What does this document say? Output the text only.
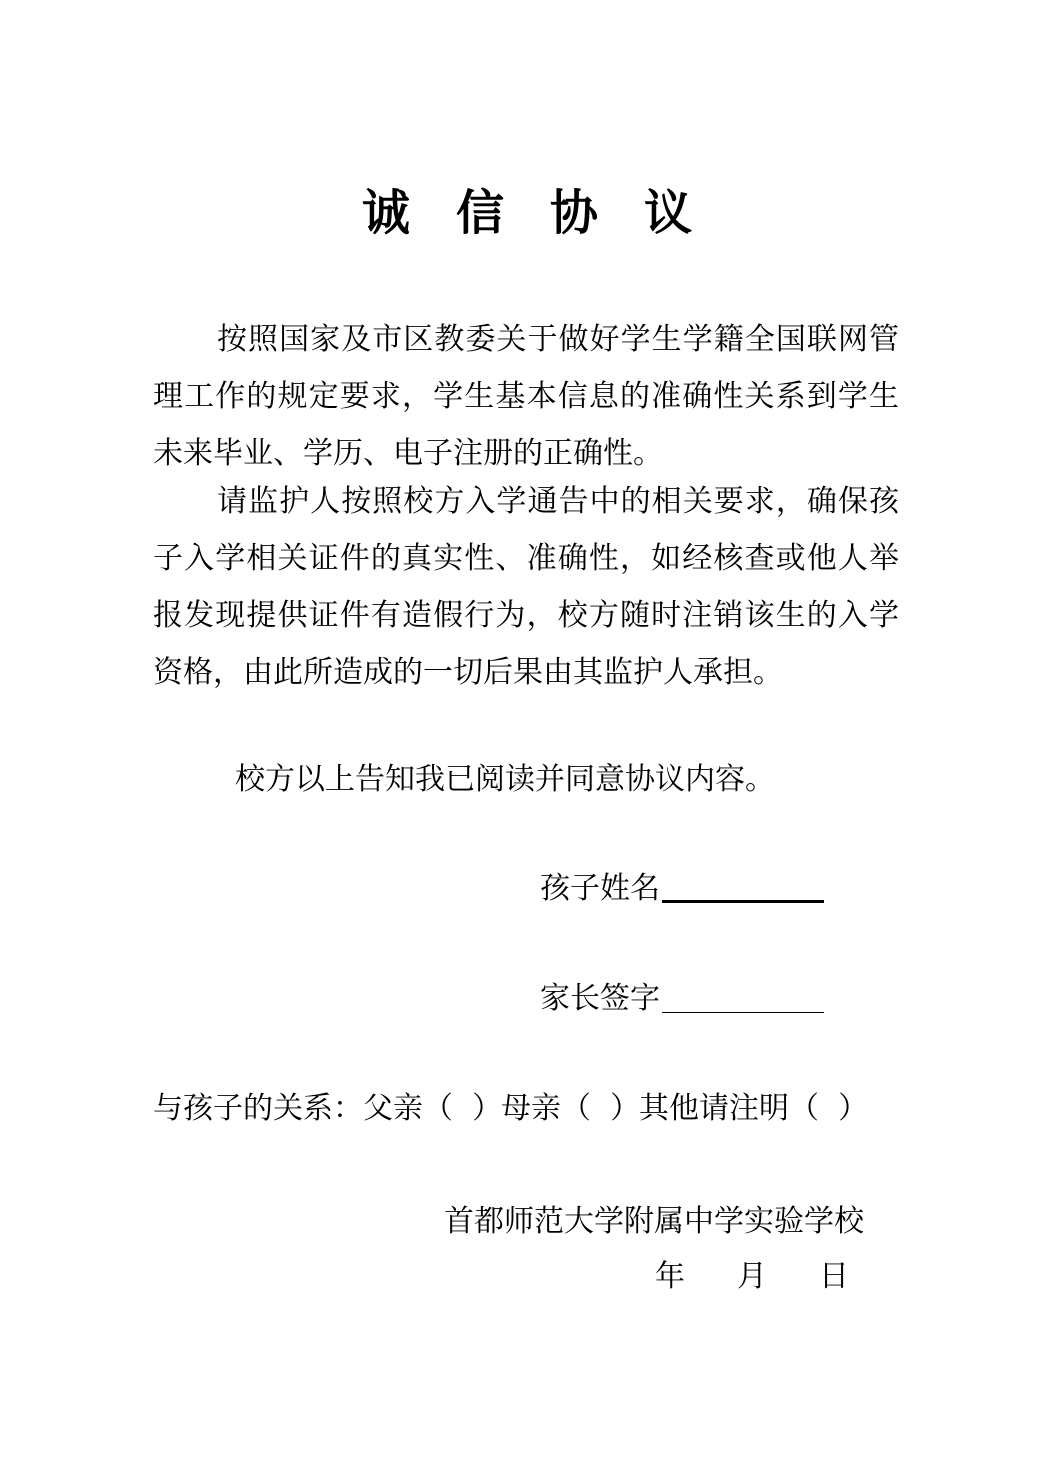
诚信协议

按照国家及市区教委关于做好学生学籍全国联网管理工作的规定要求，学生基本信息的准确性关系到学生未来毕业、学历、电子注册的正确性。

请监护人按照校方入学通告中的相关要求，确保孩子入学相关证件的真实性、准确性，如经核查或他人举报发现提供证件有造假行为，校方随时注销该生的入学资格，由此所造成的一切后果由其监护人承担。

校方以上告知我已阅读并同意协议内容。
孩子姓名
家长签字
与孩子的关系：父亲（ ）母亲（ ）其他请注明（ ）
首都师范大学附属中学实验学校
年 月 日
